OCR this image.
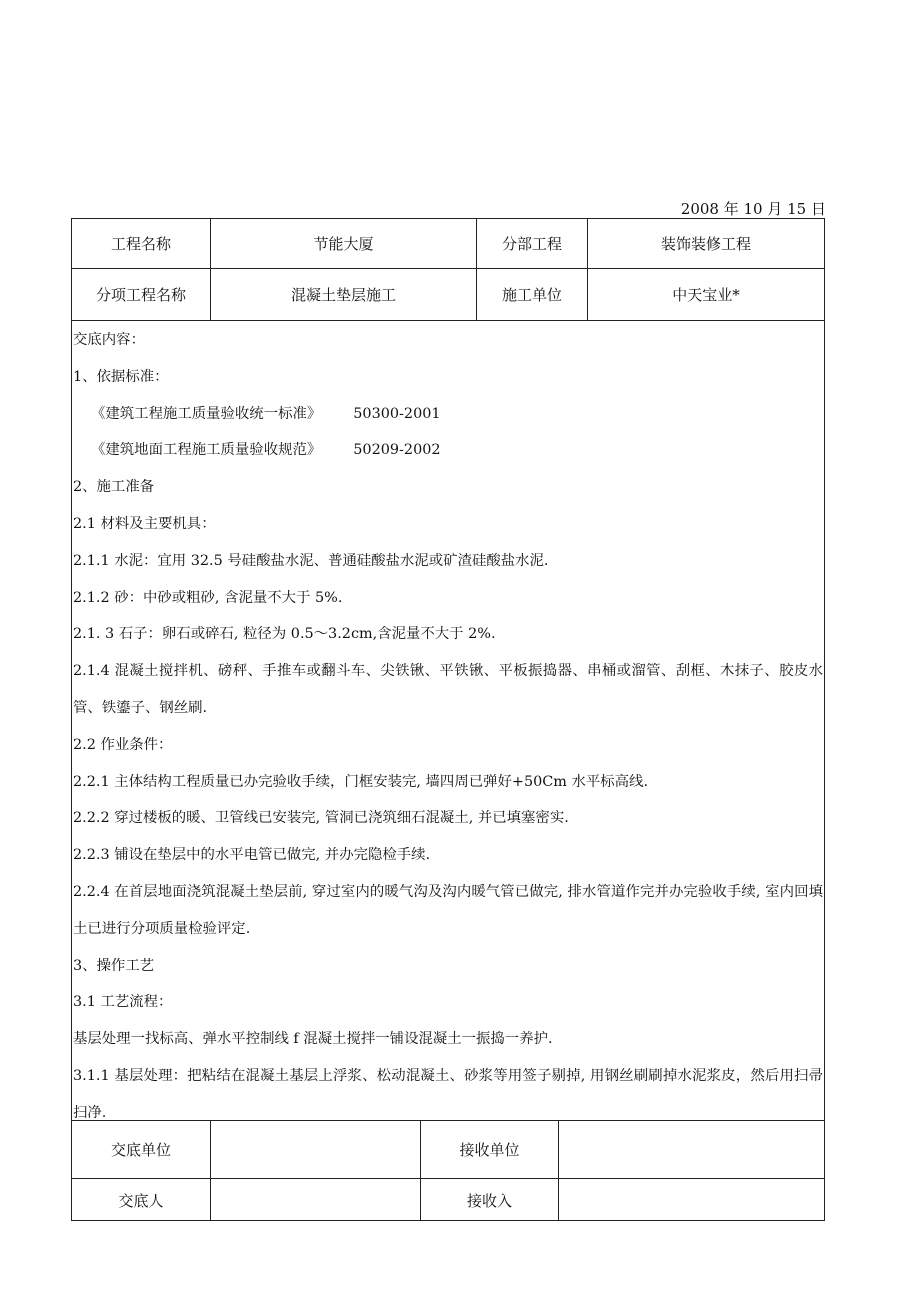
2008 年 10 月 15 日
工程名称	节能大厦	分部工程	装饰装修工程
分项工程名称	混凝土垫层施工	施工单位	中天宝业*

交底内容：

1、依据标准：

《建筑工程施工质量验收统一标准》 50300-2001

《建筑地面工程施工质量验收规范》 50209-2002

2、施工准备

2.1 材料及主要机具：

2.1.1 水泥：宜用 32.5 号硅酸盐水泥、普通硅酸盐水泥或矿渣硅酸盐水泥.

2.1.2 砂：中砂或粗砂, 含泥量不大于 5%.

2.1. 3 石子：卵石或碎石, 粒径为 0.5～3.2cm,含泥量不大于 2%.

2.1.4 混凝土搅拌机、磅秤、手推车或翻斗车、尖铁锹、平铁锹、平板振捣器、串桶或溜管、刮框、木抹子、胶皮水管、铁鎏子、钢丝刷.

2.2 作业条件：

2.2.1 主体结构工程质量已办完验收手续，门框安装完, 墙四周已弹好+50Cm 水平标高线.

2.2.2 穿过楼板的暖、卫管线已安装完, 管洞已浇筑细石混凝土, 并已填塞密实.

2.2.3 铺设在垫层中的水平电管已做完, 并办完隐检手续.

2.2.4 在首层地面浇筑混凝土垫层前, 穿过室内的暖气沟及沟内暖气管已做完, 排水管道作完并办完验收手续, 室内回填土已进行分项质量检验评定.

3、操作工艺

3.1 工艺流程：

基层处理一找标高、弹水平控制线 f 混凝土搅拌一铺设混凝土一振捣一养护.

3.1.1 基层处理：把粘结在混凝土基层上浮浆、松动混凝土、砂浆等用签子剔掉, 用钢丝刷刷掉水泥浆皮，然后用扫帚扫净.

交底单位	接收单位
交底人	接收入
